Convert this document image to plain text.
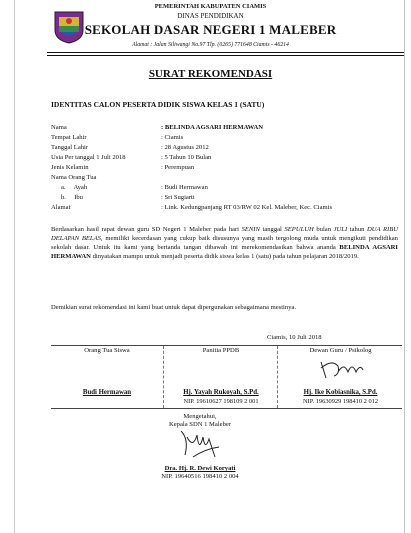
PEMERINTAH KABUPATEN CIAMIS
DINAS PENDIDIKAN
SEKOLAH DASAR NEGERI 1 MALEBER
Alamat : Jalan Siliwangi No.97 Tlp. (0265) 771648 Ciamis - 46214
SURAT REKOMENDASI
IDENTITAS CALON PESERTA DIDIK SISWA KELAS 1 (SATU)
Nama	: BELINDA AGSARI HERMAWAN
Tempat Lahir	: Ciamis
Tanggal Lahir	: 28 Agustus 2012
Usia Per tanggal 1 Juli 2018	: 5 Tahun 10 Bulan
Jenis Kelamin	: Perempuan
Nama Orang Tua
a.     Ayah	: Budi Hermawan
b.     Ibu	: Sri Sugiarti
Alamat	: Link. Kedungpanjang RT 03/RW 02 Kel. Maleber, Kec. Ciamis
Berdasarkan hasil rapat dewan guru SD Negeri 1 Maleber pada hari SENIN tanggal SEPULUH bulan JULI tahun DUA RIBU DELAPAN BELAS, memiliki kecerdasan yang cukup baik disusunya yang masih tergolong muda untuk mengikuti pendidikan sekolah dasar. Untuk itu kami yang bertanda tangan dibawah ini merekomendasikan bahwa ananda BELINDA AGSARI HERMAWAN dinyatakan mampu untuk menjadi peserta didik siswa kelas 1 (satu) pada tahun pelajaran 2018/2019.
Demikian surat rekomendasi ini kami buat untuk dapat dipergunakan sebagaimana mestinya.
Ciamis, 10 Juli 2018
Orang Tua Siswa
Budi Hermawan
Panitia PPDB
Hj. Yayah Rukoyah, S.Pd.
NIP. 19610627 198109 2 001
Dewan Guru / Psikolog
Hj. Ike Kobiasnika, S.Pd.
NIP. 19630929 198410 2 012
Mengetahui,
Kepala SDN 1 Maleber
Dra. Hj. R. Dewi Koryati
NIP. 19640516 198410 2 004
